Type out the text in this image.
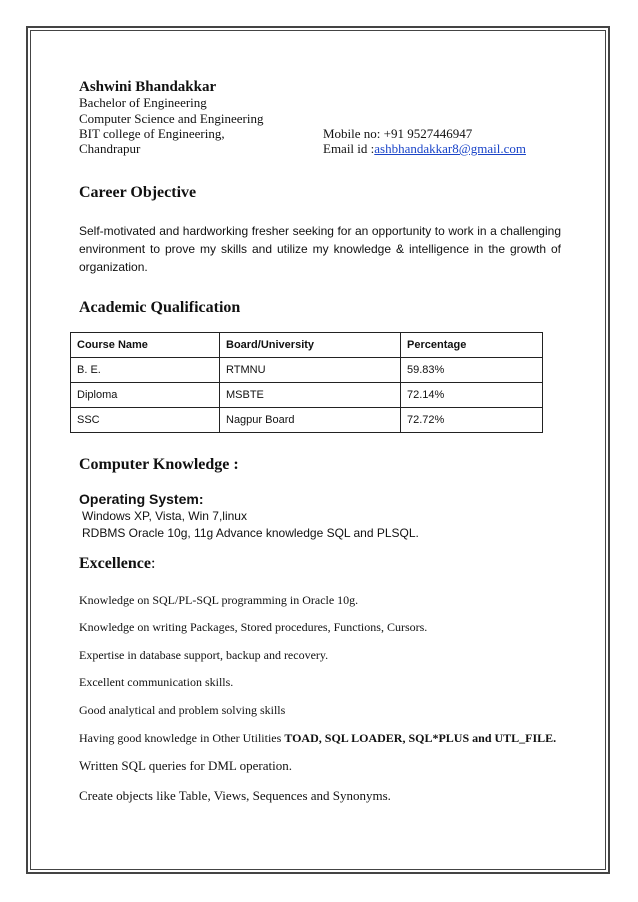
Ashwini Bhandakkar
Bachelor of Engineering
Computer Science and Engineering
BIT college of Engineering,
Chandrapur
Mobile no: +91 9527446947
Email id :ashbhandakkar8@gmail.com
Career Objective
Self-motivated and hardworking fresher seeking for an opportunity to work in a challenging environment to prove my skills and utilize my knowledge & intelligence in the growth of organization.
Academic Qualification
Course Name	Board/University	Percentage
B. E.	RTMNU	59.83%
Diploma	MSBTE	72.14%
SSC	Nagpur Board	72.72%
Computer Knowledge :
Operating System:
Windows XP, Vista, Win 7,linux
RDBMS Oracle 10g, 11g Advance knowledge SQL and PLSQL.
Excellence:
Knowledge on SQL/PL-SQL programming in Oracle 10g.
Knowledge on writing Packages, Stored procedures, Functions, Cursors.
Expertise in database support, backup and recovery.
Excellent communication skills.
Good analytical and problem solving skills
Having good knowledge in Other Utilities TOAD, SQL LOADER, SQL*PLUS and UTL_FILE.
Written SQL queries for DML operation.
Create objects like Table, Views, Sequences and Synonyms.
